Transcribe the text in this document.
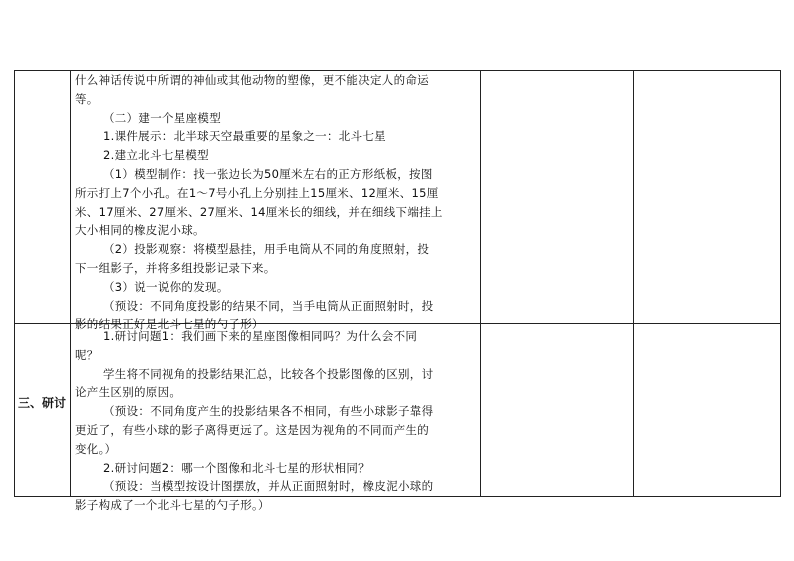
什么神话传说中所谓的神仙或其他动物的塑像，更不能决定人的命运

等。

（二）建一个星座模型

1.课件展示：北半球天空最重要的星象之一：北斗七星

2.建立北斗七星模型

（1）模型制作：找一张边长为50厘米左右的正方形纸板，按图

所示打上7个小孔。在1～7号小孔上分别挂上15厘米、12厘米、15厘

米、17厘米、27厘米、27厘米、14厘米长的细线，并在细线下端挂上

大小相同的橡皮泥小球。

（2）投影观察：将模型悬挂，用手电筒从不同的角度照射，投

下一组影子，并将多组投影记录下来。

（3）说一说你的发现。

（预设：不同角度投影的结果不同，当手电筒从正面照射时，投

影的结果正好是北斗七星的勺子形）

三、研讨

1.研讨问题1：我们画下来的星座图像相同吗？为什么会不同

呢？

学生将不同视角的投影结果汇总，比较各个投影图像的区别，讨

论产生区别的原因。

（预设：不同角度产生的投影结果各不相同，有些小球影子靠得

更近了，有些小球的影子离得更远了。这是因为视角的不同而产生的

变化。）

2.研讨问题2：哪一个图像和北斗七星的形状相同？

（预设：当模型按设计图摆放，并从正面照射时，橡皮泥小球的

影子构成了一个北斗七星的勺子形。）
